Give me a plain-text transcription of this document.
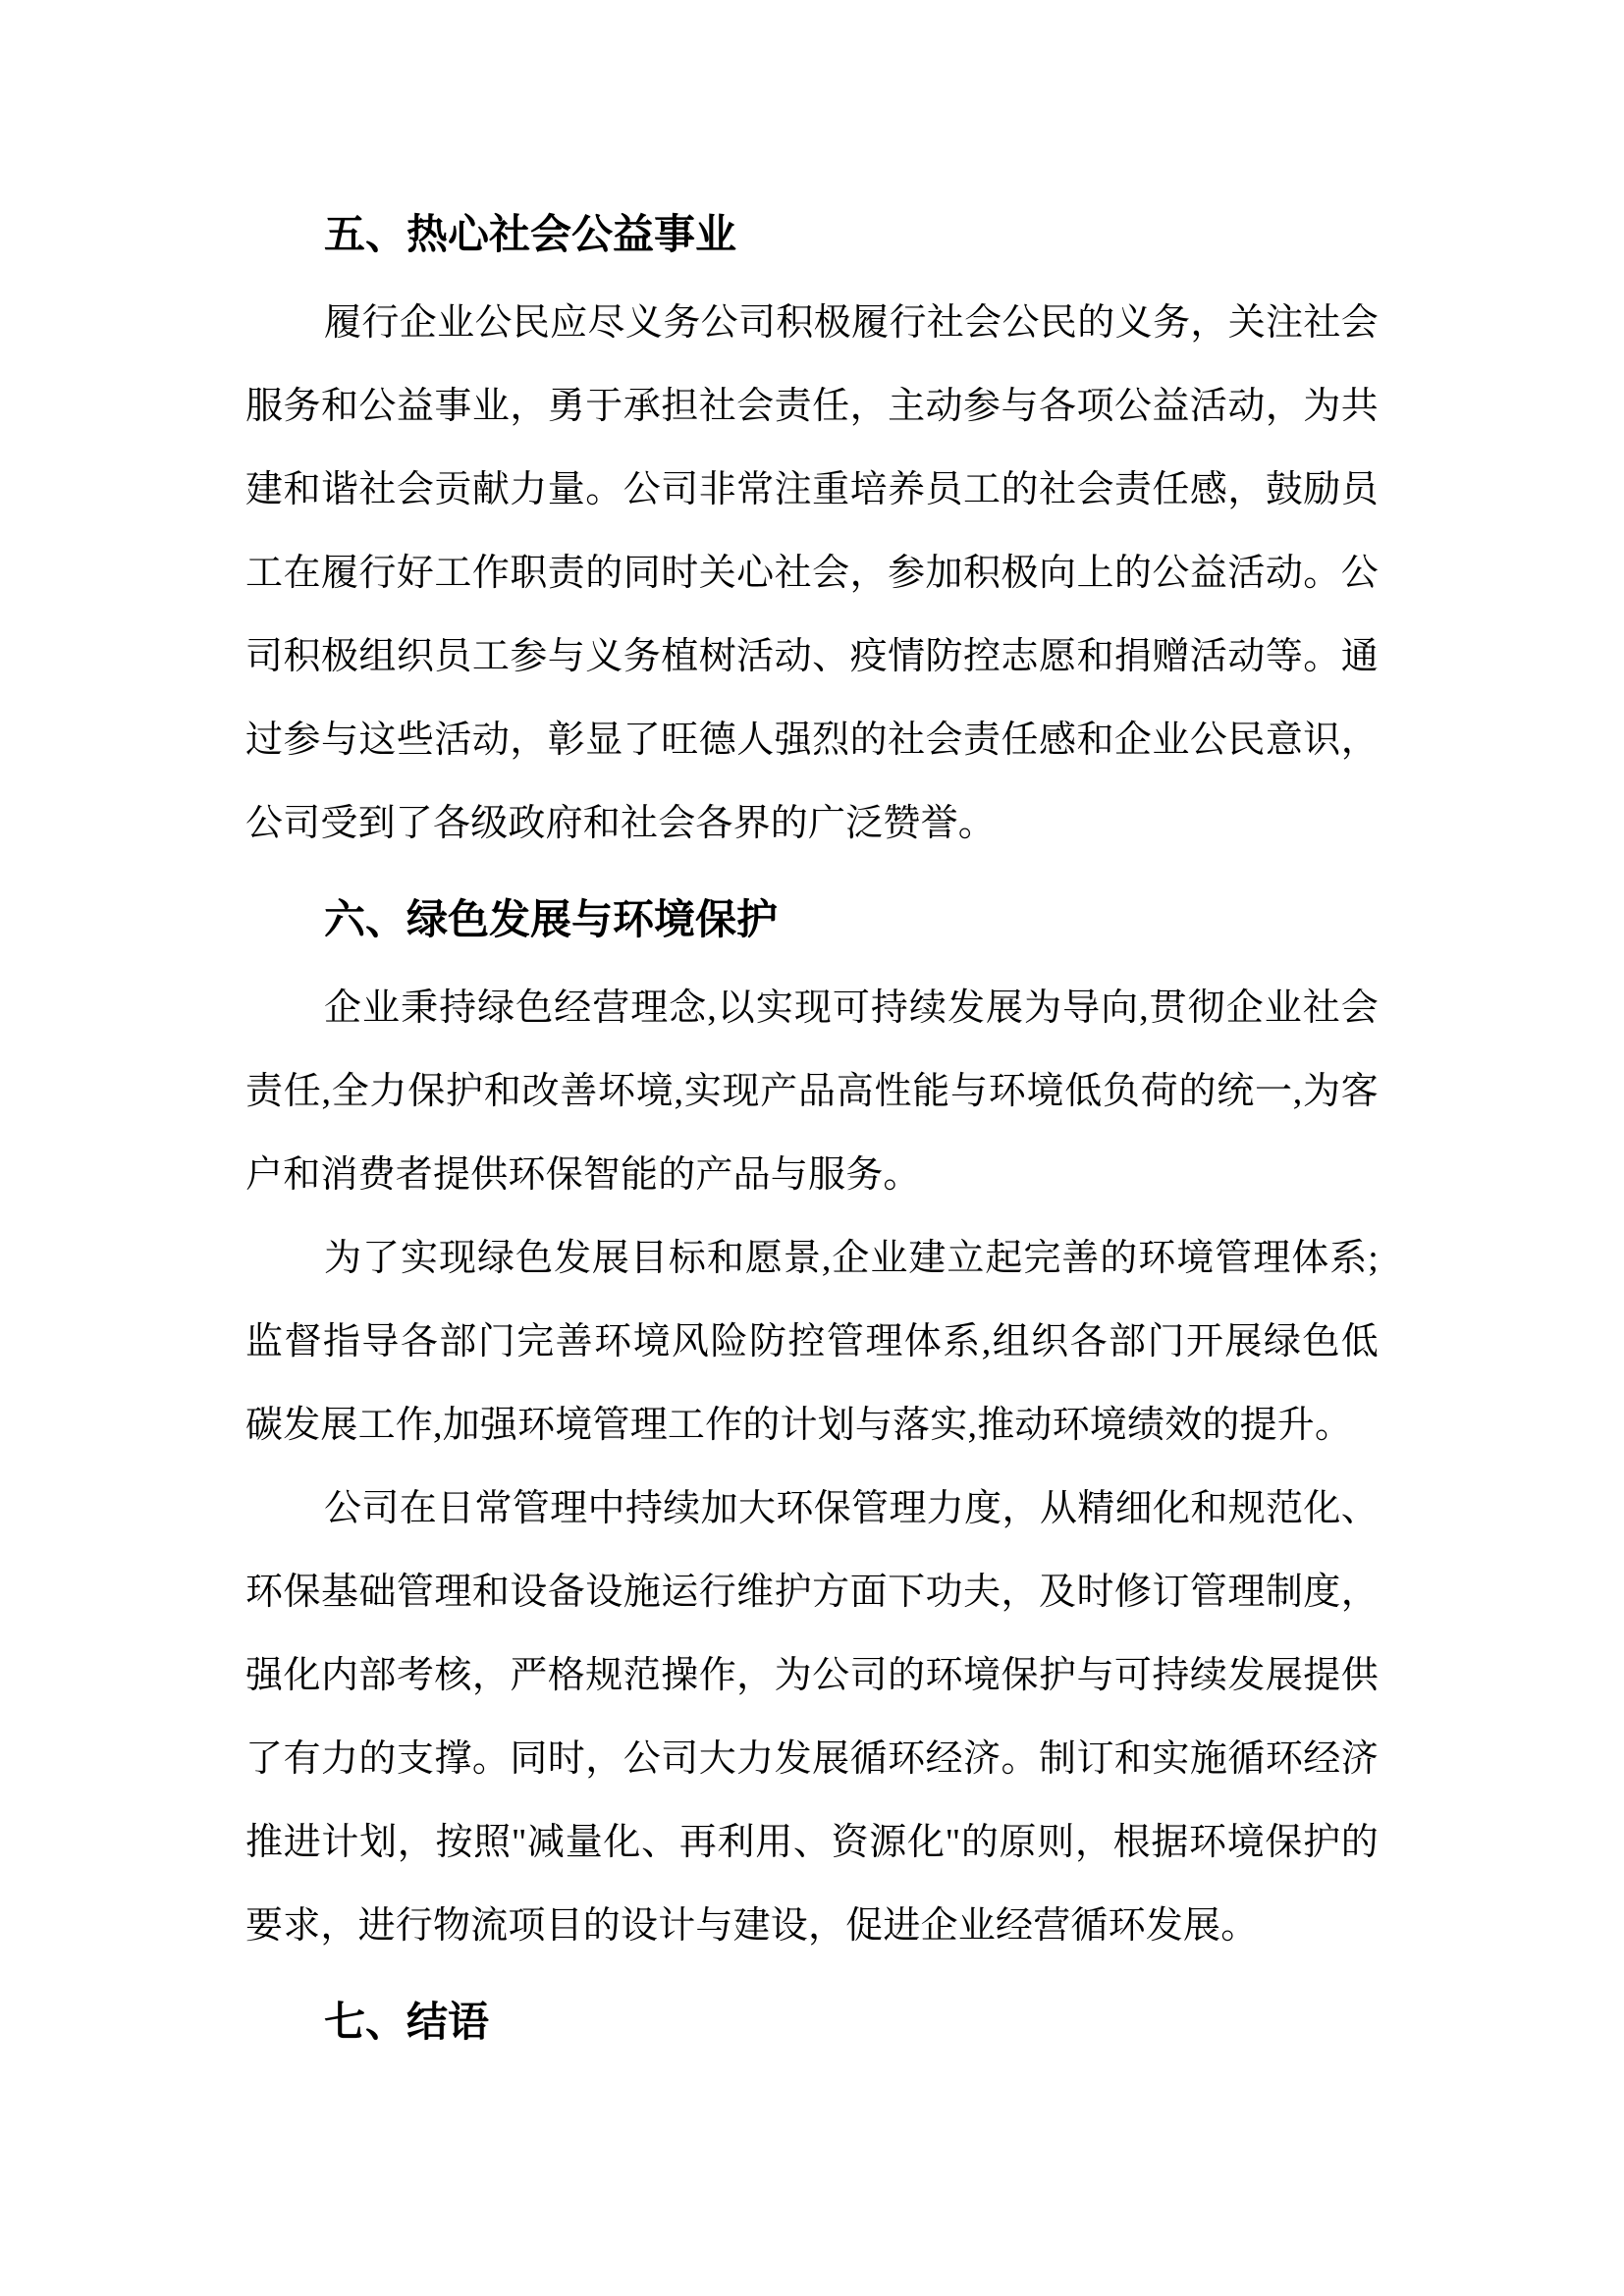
五、热心社会公益事业

履行企业公民应尽义务公司积极履行社会公民的义务，关注社会服务和公益事业，勇于承担社会责任，主动参与各项公益活动，为共建和谐社会贡献力量。公司非常注重培养员工的社会责任感，鼓励员工在履行好工作职责的同时关心社会，参加积极向上的公益活动。公司积极组织员工参与义务植树活动、疫情防控志愿和捐赠活动等。通过参与这些活动，彰显了旺德人强烈的社会责任感和企业公民意识，公司受到了各级政府和社会各界的广泛赞誉。

六、绿色发展与环境保护

企业秉持绿色经营理念,以实现可持续发展为导向,贯彻企业社会责任,全力保护和改善坏境,实现产品高性能与环境低负荷的统一,为客户和消费者提供环保智能的产品与服务。

为了实现绿色发展目标和愿景,企业建立起完善的环境管理体系;监督指导各部门完善环境风险防控管理体系,组织各部门开展绿色低碳发展工作,加强环境管理工作的计划与落实,推动环境绩效的提升。

公司在日常管理中持续加大环保管理力度，从精细化和规范化、环保基础管理和设备设施运行维护方面下功夫，及时修订管理制度，强化内部考核，严格规范操作，为公司的环境保护与可持续发展提供了有力的支撑。同时，公司大力发展循环经济。制订和实施循环经济推进计划，按照"减量化、再利用、资源化"的原则，根据环境保护的要求，进行物流项目的设计与建设，促进企业经营循环发展。

七、结语
